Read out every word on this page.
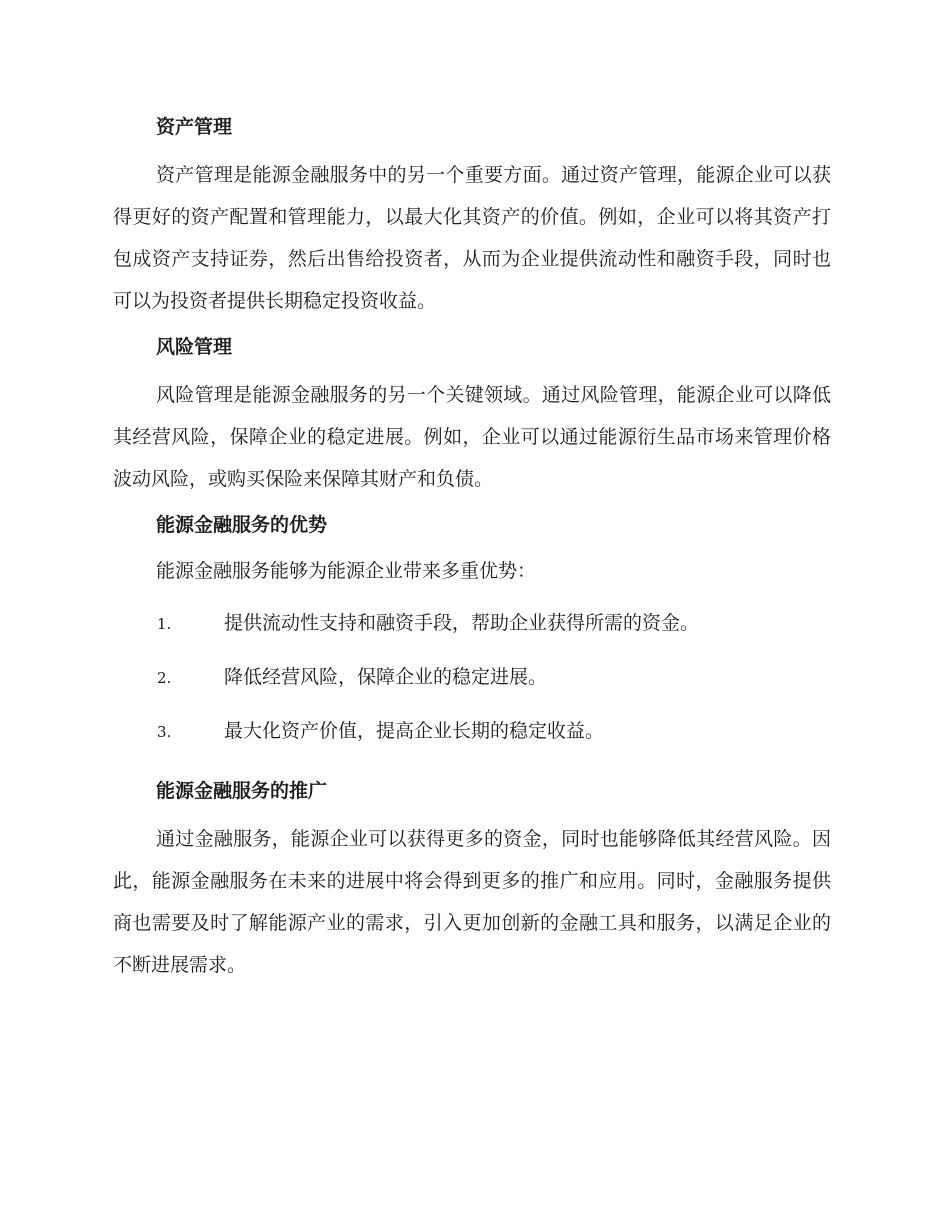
资产管理

资产管理是能源金融服务中的另一个重要方面。通过资产管理，能源企业可以获得更好的资产配置和管理能力，以最大化其资产的价值。例如，企业可以将其资产打包成资产支持证券，然后出售给投资者，从而为企业提供流动性和融资手段，同时也可以为投资者提供长期稳定投资收益。

风险管理

风险管理是能源金融服务的另一个关键领域。通过风险管理，能源企业可以降低其经营风险，保障企业的稳定进展。例如，企业可以通过能源衍生品市场来管理价格波动风险，或购买保险来保障其财产和负债。

能源金融服务的优势
能源金融服务能够为能源企业带来多重优势：
1.	提供流动性支持和融资手段，帮助企业获得所需的资金。
2.	降低经营风险，保障企业的稳定进展。
3.	最大化资产价值，提高企业长期的稳定收益。
能源金融服务的推广

通过金融服务，能源企业可以获得更多的资金，同时也能够降低其经营风险。因此，能源金融服务在未来的进展中将会得到更多的推广和应用。同时，金融服务提供商也需要及时了解能源产业的需求，引入更加创新的金融工具和服务，以满足企业的不断进展需求。
